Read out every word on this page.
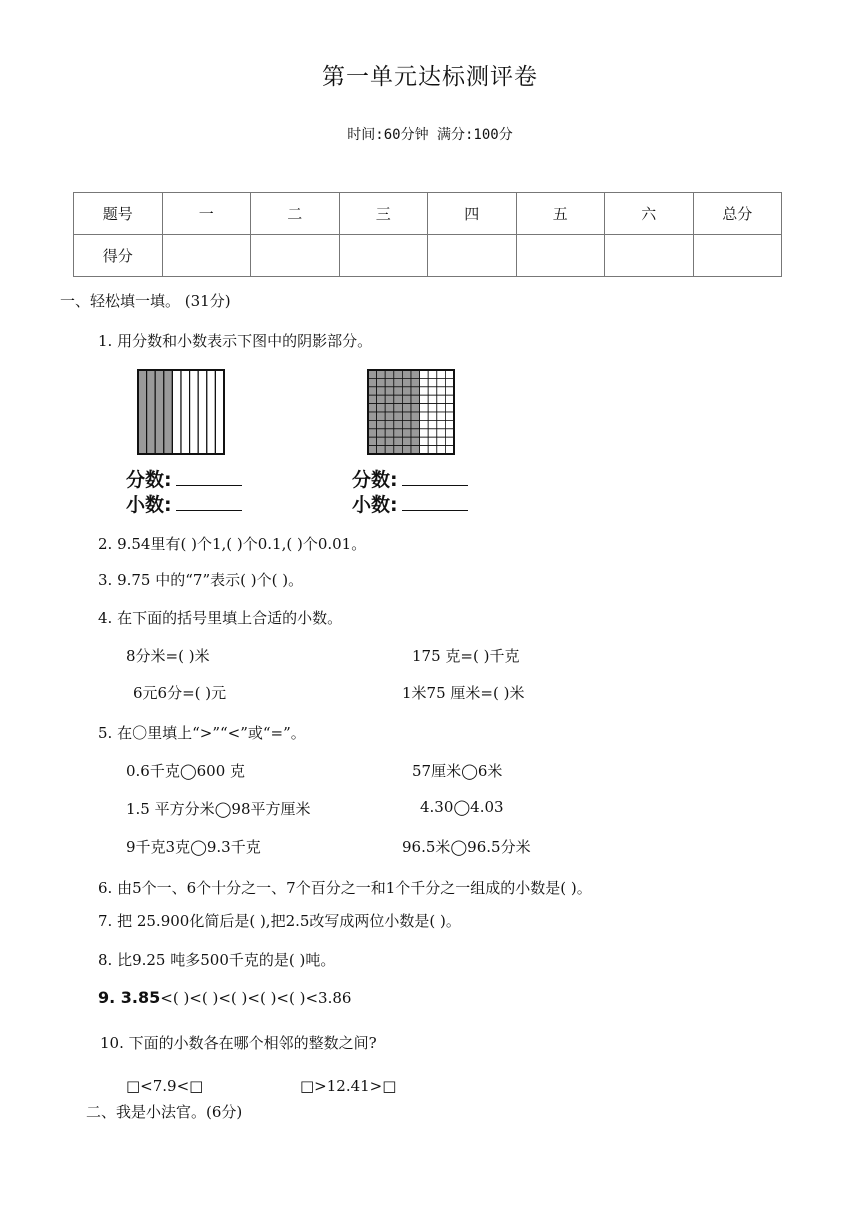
第一单元达标测评卷
时间:60分钟 满分:100分
题号	一	二	三	四	五	六	总分
得分							
一、轻松填一填。 (31分)
1. 用分数和小数表示下图中的阴影部分。
分数:
小数:
分数:
小数:
2. 9.54里有( )个1,( )个0.1,( )个0.01。
3. 9.75 中的“7”表示( )个( )。
4. 在下面的括号里填上合适的小数。
8分米=( )米	175 克=( )千克
6元6分=( )元	1米75 厘米=( )米
5. 在〇里填上“>”“<”或“=”。
0.6千克◯600 克	57厘米◯6米
1.5 平方分米◯98平方厘米	4.30◯4.03
9千克3克◯9.3千克	96.5米◯96.5分米
6. 由5个一、6个十分之一、7个百分之一和1个千分之一组成的小数是( )。
7. 把 25.900化简后是( ),把2.5改写成两位小数是( )。
8. 比9.25 吨多500千克的是( )吨。
9. 3.85<( )<( )<( )<( )<( )<3.86
10. 下面的小数各在哪个相邻的整数之间?
□<7.9<□	□>12.41>□
二、我是小法官。(6分)
